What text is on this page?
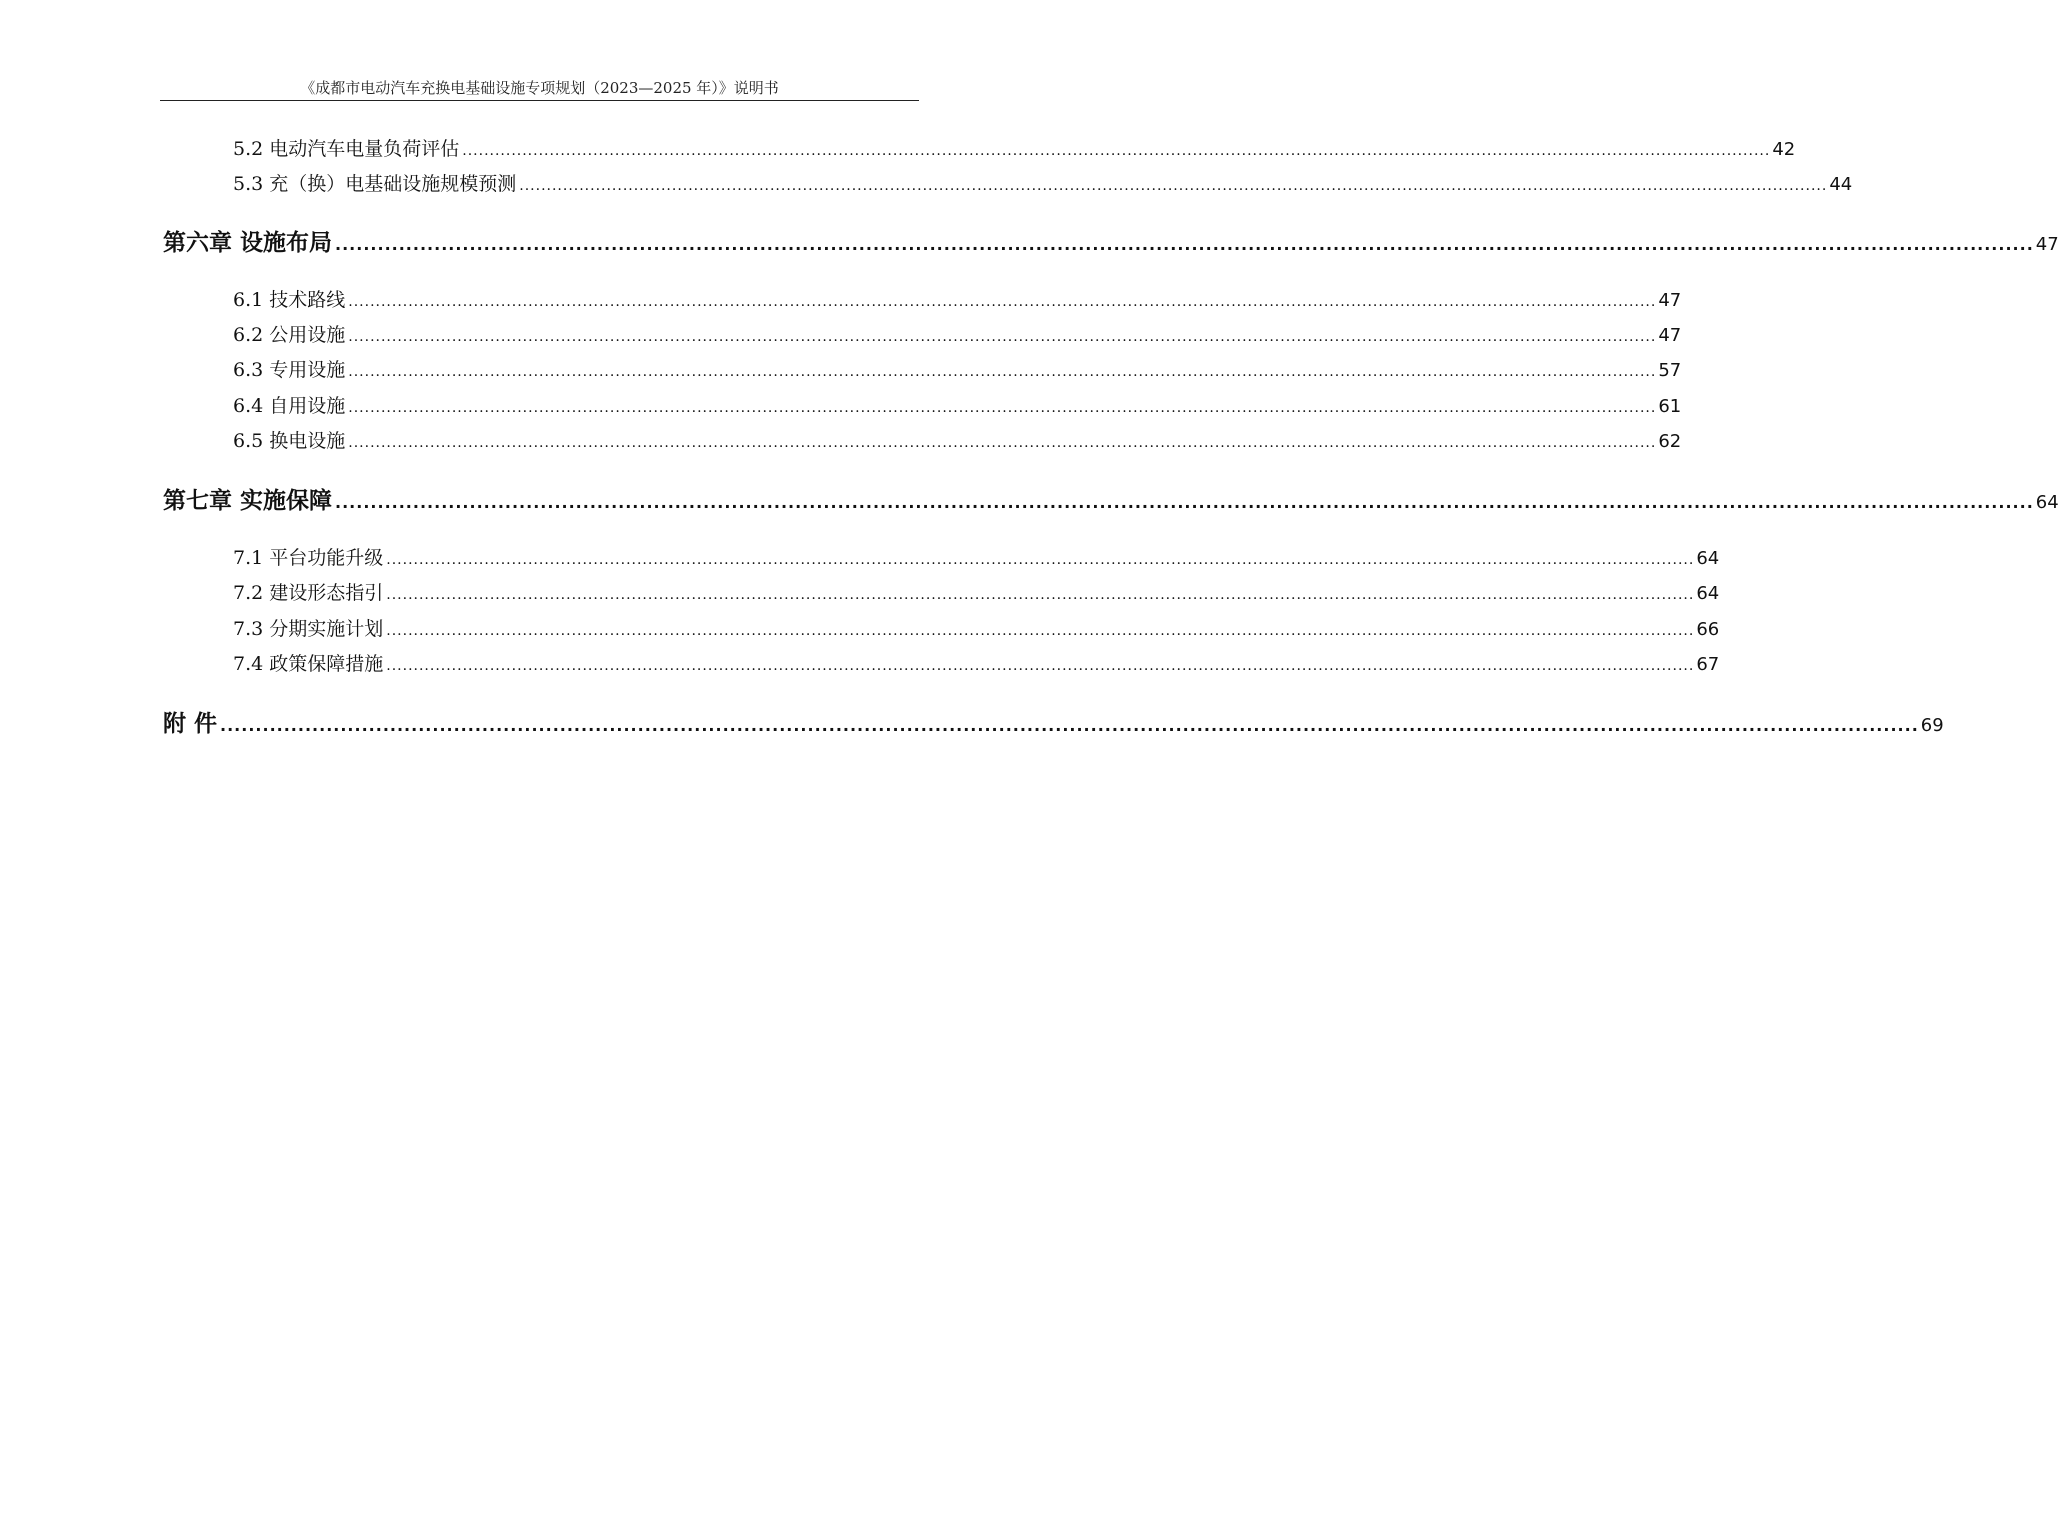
《成都市电动汽车充换电基础设施专项规划（2023—2025 年）》说明书
5.2 电动汽车电量负荷评估 ................................................................................................................................................................................................................................................ 42
5.3 充（换）电基础设施规模预测 ................................................................................................................................................................................................................................................ 44
第六章 设施布局 ................................................................................................................................................................................................................................................ 47
6.1 技术路线 ................................................................................................................................................................................................................................................ 47
6.2 公用设施 ................................................................................................................................................................................................................................................ 47
6.3 专用设施 ................................................................................................................................................................................................................................................ 57
6.4 自用设施 ................................................................................................................................................................................................................................................ 61
6.5 换电设施 ................................................................................................................................................................................................................................................ 62
第七章 实施保障 ................................................................................................................................................................................................................................................ 64
7.1 平台功能升级 ................................................................................................................................................................................................................................................ 64
7.2 建设形态指引 ................................................................................................................................................................................................................................................ 64
7.3 分期实施计划 ................................................................................................................................................................................................................................................ 66
7.4 政策保障措施 ................................................................................................................................................................................................................................................ 67
附 件 ................................................................................................................................................................................................................................................ 69
